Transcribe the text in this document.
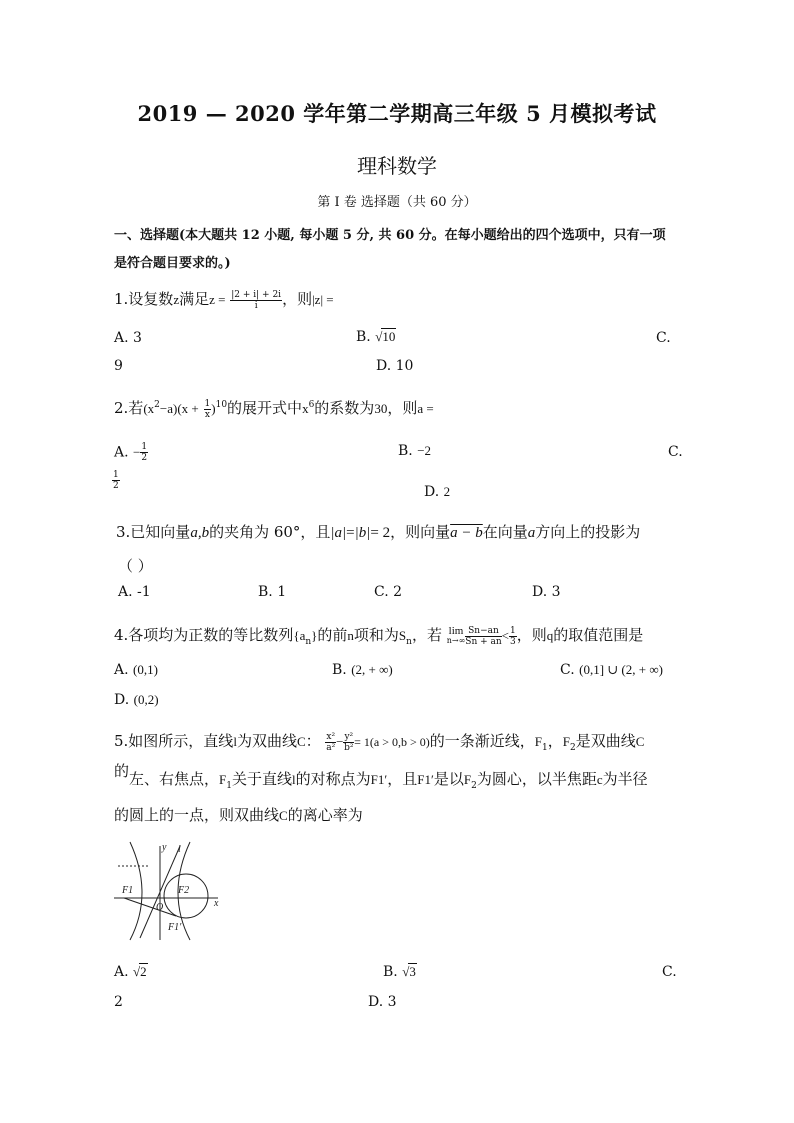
2019 — 2020 学年第二学期高三年级 5 月模拟考试
理科数学
第 I 卷 选择题（共 60 分）
一、选择题(本大题共 12 小题, 每小题 5 分, 共 60 分。在每小题给出的四个选项中，只有一项
是符合题目要求的。)
1.设复数z满足$z = \frac{|2 + i| + 2i}{i}$ ，则|z| =
A. 3	B. √10	C.
9	D. 10
2.若$(x^2-a)(x + \frac{1}{x} )^{10}$的展开式中$x^6$的系数为30，则a =
A. − $\frac{1}{2}$	B. −2	C.
$\frac{1}{2}$
D. 2
3.已知向量a,b的夹角为 60°，且|a|=|b|= 2，则向量a − b在向量a方向上的投影为
（ ）
A. -1	B. 1	C. 2	D. 3
4.各项均为正数的等比数列$\{a_n\}$的前n项和为$S_n$，若 lim
$n\to\infty \frac{Sn-an}{Sn + an} < \frac{1}{3}$ ，则q的取值范围是
A. (0,1)	B. (2, + ∞)	C. (0,1] ∪ (2, + ∞)
D. (0,2)
5.如图所示，直线l为双曲线C： $\frac{\text{x²}}{\text{a²}} - \frac{\text{y²}}{\text{b²}} = 1(a > 0,b > 0)$的一条渐近线，$F_1$，$F_2$是双曲线C
的左、右焦点，$F_1$关于直线l的对称点为F1′，且F1′是以$F_2$为圆心，以半焦距c为半径
的圆上的一点，则双曲线C的离心率为
y
x
l
F1	F2
O
F1′
A. √2	B. √3	C.
2	D. 3
